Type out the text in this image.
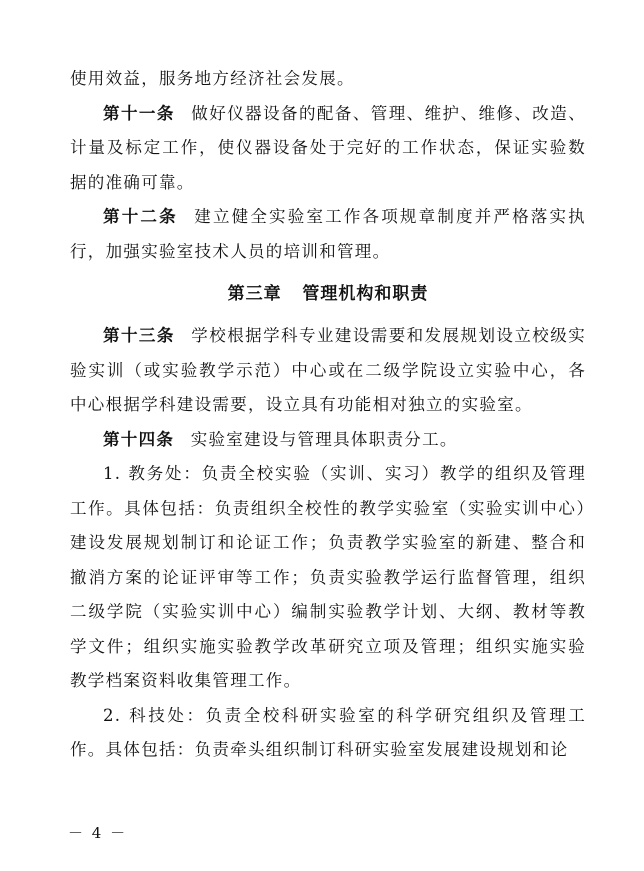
使用效益，服务地方经济社会发展。

第十一条 做好仪器设备的配备、管理、维护、维修、改造、计量及标定工作，使仪器设备处于完好的工作状态，保证实验数据的准确可靠。

第十二条 建立健全实验室工作各项规章制度并严格落实执行，加强实验室技术人员的培训和管理。

第三章 管理机构和职责

第十三条 学校根据学科专业建设需要和发展规划设立校级实验实训（或实验教学示范）中心或在二级学院设立实验中心，各中心根据学科建设需要，设立具有功能相对独立的实验室。

第十四条 实验室建设与管理具体职责分工。

1. 教务处：负责全校实验（实训、实习）教学的组织及管理工作。具体包括：负责组织全校性的教学实验室（实验实训中心）建设发展规划制订和论证工作；负责教学实验室的新建、整合和撤消方案的论证评审等工作；负责实验教学运行监督管理，组织二级学院（实验实训中心）编制实验教学计划、大纲、教材等教学文件；组织实施实验教学改革研究立项及管理；组织实施实验教学档案资料收集管理工作。

2. 科技处：负责全校科研实验室的科学研究组织及管理工作。具体包括：负责牵头组织制订科研实验室发展建设规划和论

－ 4 －
